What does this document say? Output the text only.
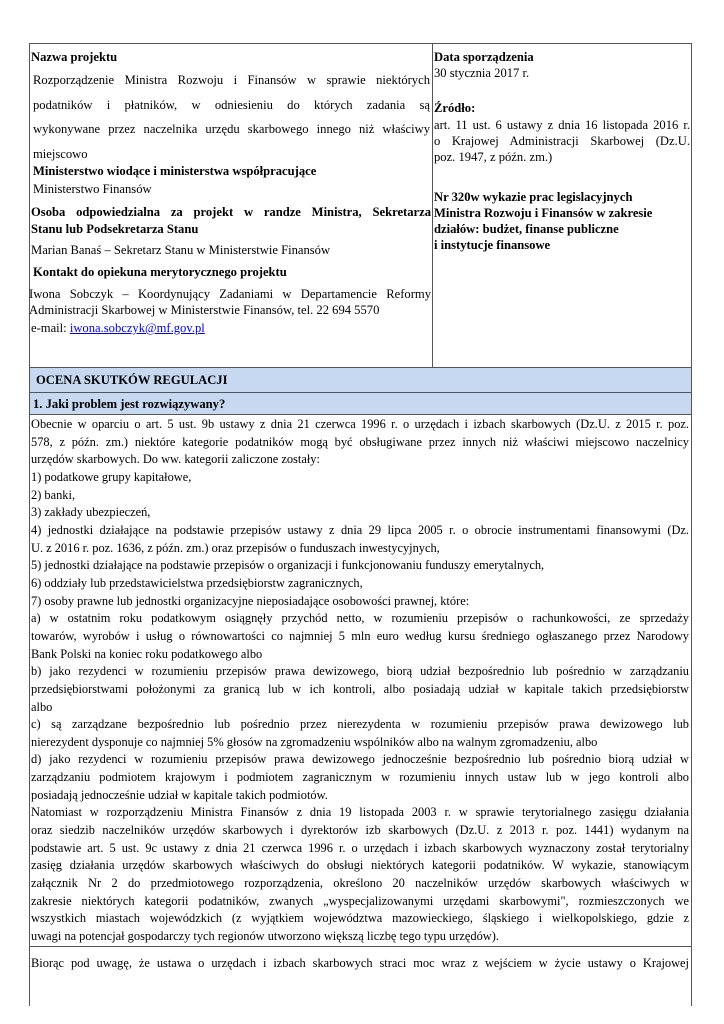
Nazwa projektu
Rozporządzenie Ministra Rozwoju i Finansów w sprawie niektórych
podatników i płatników, w odniesieniu do których zadania są
wykonywane przez naczelnika urzędu skarbowego innego niż właściwy
miejscowo
Ministerstwo wiodące i ministerstwa współpracujące
Ministerstwo Finansów
Osoba odpowiedzialna za projekt w randze Ministra, Sekretarza
Stanu lub Podsekretarza Stanu
Marian Banaś – Sekretarz Stanu w Ministerstwie Finansów
Kontakt do opiekuna merytorycznego projektu
Iwona Sobczyk – Koordynujący Zadaniami w Departamencie Reformy
Administracji Skarbowej w Ministerstwie Finansów, tel. 22 694 5570
e-mail: iwona.sobczyk@mf.gov.pl
Data sporządzenia
30 stycznia 2017 r.
Źródło:
art. 11 ust. 6 ustawy z dnia 16 listopada 2016 r.
o Krajowej Administracji Skarbowej (Dz.U.
poz. 1947, z późn. zm.)
Nr 320w wykazie prac legislacyjnych
Ministra Rozwoju i Finansów w zakresie
działów: budżet, finanse publiczne
i instytucje finansowe
OCENA SKUTKÓW REGULACJI
1. Jaki problem jest rozwiązywany?
Obecnie w oparciu o art. 5 ust. 9b ustawy z dnia 21 czerwca 1996 r. o urzędach i izbach skarbowych (Dz.U. z 2015 r. poz.
578, z późn. zm.) niektóre kategorie podatników mogą być obsługiwane przez innych niż właściwi miejscowo naczelnicy
urzędów skarbowych. Do ww. kategorii zaliczone zostały:
1) podatkowe grupy kapitałowe,
2) banki,
3) zakłady ubezpieczeń,
4) jednostki działające na podstawie przepisów ustawy z dnia 29 lipca 2005 r. o obrocie instrumentami finansowymi (Dz.
U. z 2016 r. poz. 1636, z późn. zm.) oraz przepisów o funduszach inwestycyjnych,
5) jednostki działające na podstawie przepisów o organizacji i funkcjonowaniu funduszy emerytalnych,
6) oddziały lub przedstawicielstwa przedsiębiorstw zagranicznych,
7) osoby prawne lub jednostki organizacyjne nieposiadające osobowości prawnej, które:
a) w ostatnim roku podatkowym osiągnęły przychód netto, w rozumieniu przepisów o rachunkowości, ze sprzedaży
towarów, wyrobów i usług o równowartości co najmniej 5 mln euro według kursu średniego ogłaszanego przez Narodowy
Bank Polski na koniec roku podatkowego albo
b) jako rezydenci w rozumieniu przepisów prawa dewizowego, biorą udział bezpośrednio lub pośrednio w zarządzaniu
przedsiębiorstwami położonymi za granicą lub w ich kontroli, albo posiadają udział w kapitale takich przedsiębiorstw
albo
c) są zarządzane bezpośrednio lub pośrednio przez nierezydenta w rozumieniu przepisów prawa dewizowego lub
nierezydent dysponuje co najmniej 5% głosów na zgromadzeniu wspólników albo na walnym zgromadzeniu, albo
d) jako rezydenci w rozumieniu przepisów prawa dewizowego jednocześnie bezpośrednio lub pośrednio biorą udział w
zarządzaniu podmiotem krajowym i podmiotem zagranicznym w rozumieniu innych ustaw lub w jego kontroli albo
posiadają jednocześnie udział w kapitale takich podmiotów.
Natomiast w rozporządzeniu Ministra Finansów z dnia 19 listopada 2003 r. w sprawie terytorialnego zasięgu działania
oraz siedzib naczelników urzędów skarbowych i dyrektorów izb skarbowych (Dz.U. z 2013 r. poz. 1441) wydanym na
podstawie art. 5 ust. 9c ustawy z dnia 21 czerwca 1996 r. o urzędach i izbach skarbowych wyznaczony został terytorialny
zasięg działania urzędów skarbowych właściwych do obsługi niektórych kategorii podatników. W wykazie, stanowiącym
załącznik Nr 2 do przedmiotowego rozporządzenia, określono 20 naczelników urzędów skarbowych właściwych w
zakresie niektórych kategorii podatników, zwanych „wyspecjalizowanymi urzędami skarbowymi", rozmieszczonych we
wszystkich miastach wojewódzkich (z wyjątkiem województwa mazowieckiego, śląskiego i wielkopolskiego, gdzie z
uwagi na potencjał gospodarczy tych regionów utworzono większą liczbę tego typu urzędów).
Biorąc pod uwagę, że ustawa o urzędach i izbach skarbowych straci moc wraz z wejściem w życie ustawy o Krajowej
